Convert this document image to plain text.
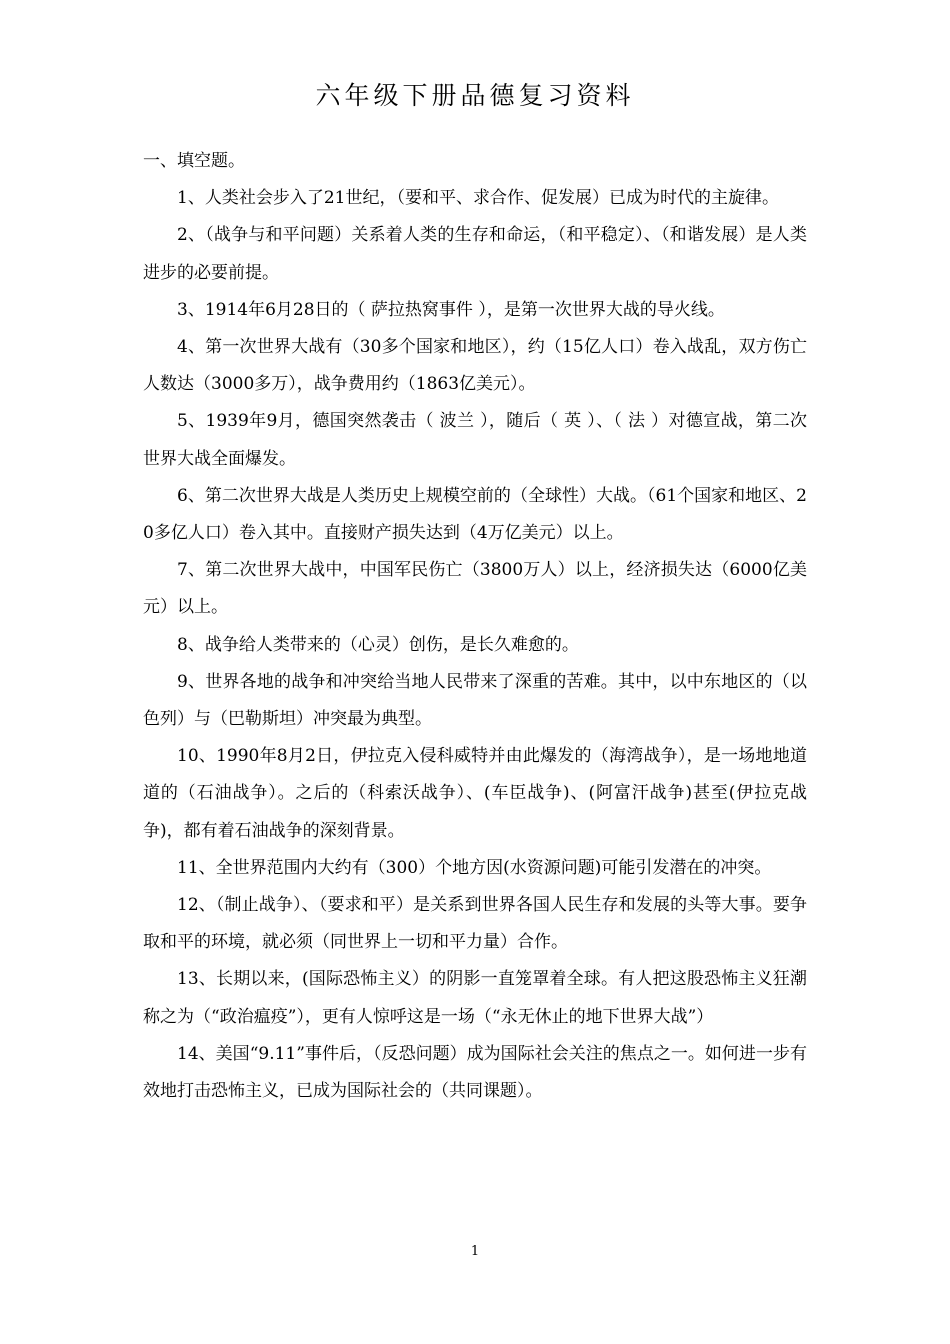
六年级下册品德复习资料

一、填空题。

1、人类社会步入了21世纪，（要和平、求合作、促发展）已成为时代的主旋律。

2、（战争与和平问题）关系着人类的生存和命运，（和平稳定）、（和谐发展）是人类进步的必要前提。

3、1914年6月28日的（ 萨拉热窝事件 ），是第一次世界大战的导火线。

4、第一次世界大战有（30多个国家和地区），约（15亿人口）卷入战乱，双方伤亡人数达（3000多万），战争费用约（1863亿美元）。

5、1939年9月，德国突然袭击（ 波兰 ），随后（ 英 ）、（ 法 ）对德宣战，第二次世界大战全面爆发。

6、第二次世界大战是人类历史上规模空前的（全球性）大战。（61个国家和地区、20多亿人口）卷入其中。直接财产损失达到（4万亿美元）以上。

7、第二次世界大战中，中国军民伤亡（3800万人）以上，经济损失达（6000亿美元）以上。

8、战争给人类带来的（心灵）创伤，是长久难愈的。

9、世界各地的战争和冲突给当地人民带来了深重的苦难。其中，以中东地区的（以色列）与（巴勒斯坦）冲突最为典型。

10、1990年8月2日，伊拉克入侵科威特并由此爆发的（海湾战争），是一场地地道道的（石油战争）。之后的（科索沃战争）、(车臣战争)、(阿富汗战争)甚至(伊拉克战争)，都有着石油战争的深刻背景。

11、全世界范围内大约有（300）个地方因(水资源问题)可能引发潜在的冲突。

12、（制止战争）、（要求和平）是关系到世界各国人民生存和发展的头等大事。要争取和平的环境，就必须（同世界上一切和平力量）合作。

13、长期以来，(国际恐怖主义）的阴影一直笼罩着全球。有人把这股恐怖主义狂潮称之为（“政治瘟疫”），更有人惊呼这是一场（“永无休止的地下世界大战”）

14、美国“9.11”事件后，（反恐问题）成为国际社会关注的焦点之一。如何进一步有效地打击恐怖主义，已成为国际社会的（共同课题）。

1
